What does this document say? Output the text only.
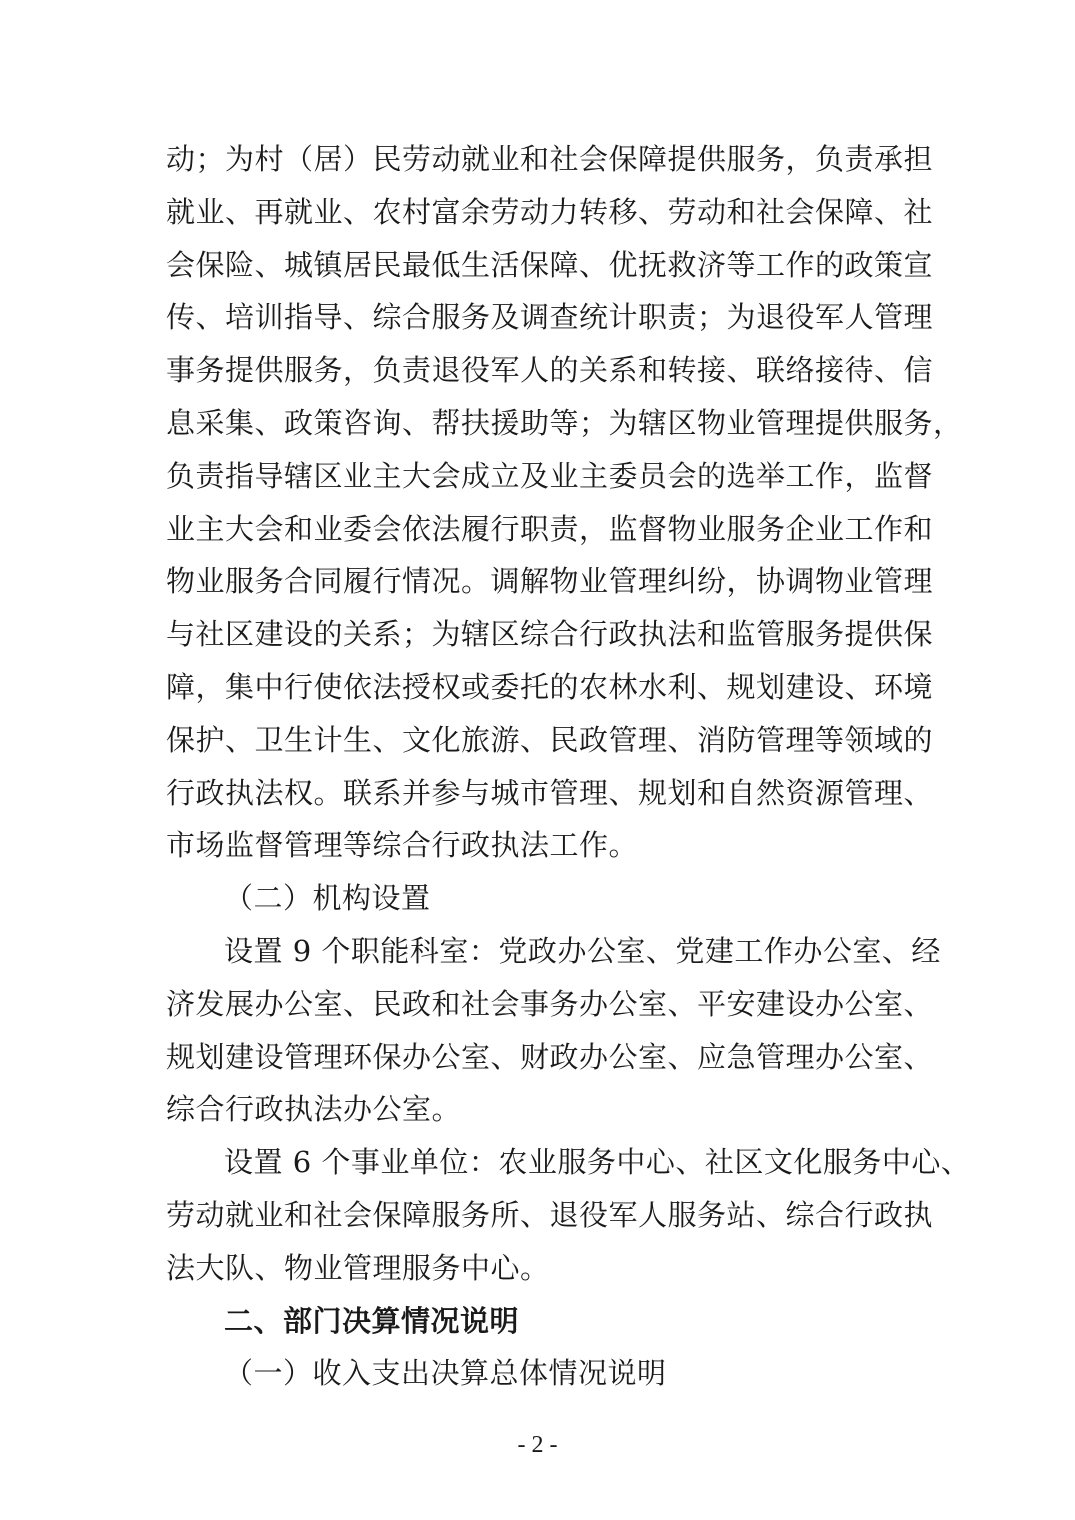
动；为村（居）民劳动就业和社会保障提供服务，负责承担
就业、再就业、农村富余劳动力转移、劳动和社会保障、社
会保险、城镇居民最低生活保障、优抚救济等工作的政策宣
传、培训指导、综合服务及调查统计职责；为退役军人管理
事务提供服务，负责退役军人的关系和转接、联络接待、信
息采集、政策咨询、帮扶援助等；为辖区物业管理提供服务，
负责指导辖区业主大会成立及业主委员会的选举工作，监督
业主大会和业委会依法履行职责，监督物业服务企业工作和
物业服务合同履行情况。调解物业管理纠纷，协调物业管理
与社区建设的关系；为辖区综合行政执法和监管服务提供保
障，集中行使依法授权或委托的农林水利、规划建设、环境
保护、卫生计生、文化旅游、民政管理、消防管理等领域的
行政执法权。联系并参与城市管理、规划和自然资源管理、
市场监督管理等综合行政执法工作。
（二）机构设置
设置 9 个职能科室：党政办公室、党建工作办公室、经
济发展办公室、民政和社会事务办公室、平安建设办公室、
规划建设管理环保办公室、财政办公室、应急管理办公室、
综合行政执法办公室。
设置 6 个事业单位：农业服务中心、社区文化服务中心、
劳动就业和社会保障服务所、退役军人服务站、综合行政执
法大队、物业管理服务中心。
二、部门决算情况说明
（一）收入支出决算总体情况说明
- 2 -
